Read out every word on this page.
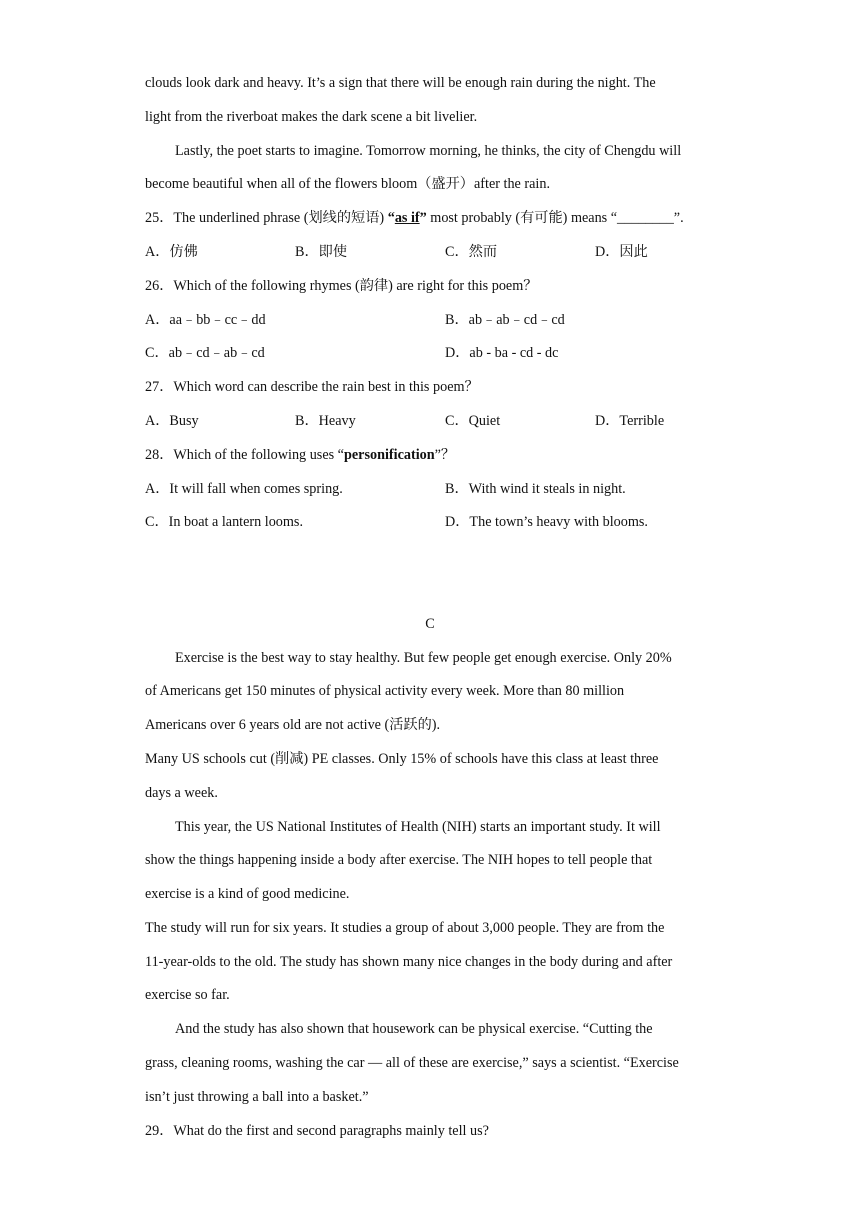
clouds look dark and heavy. It’s a sign that there will be enough rain during the night. The
light from the riverboat makes the dark scene a bit livelier.
Lastly, the poet starts to imagine. Tomorrow morning, he thinks, the city of Chengdu will
become beautiful when all of the flowers bloom（盛开）after the rain.
25．The underlined phrase (划线的短语) “as if” most probably (有可能) means “________”.
A．仿佛	B．即使	C．然而	D．因此
26．Which of the following rhymes (韵律) are right for this poem？
A．aa﹣bb﹣cc﹣dd	B．ab﹣ab﹣cd﹣cd
C．ab﹣cd﹣ab﹣cd	D．ab - ba - cd - dc
27．Which word can describe the rain best in this poem？
A．Busy	B．Heavy	C．Quiet	D．Terrible
28．Which of the following uses “personification”？
A．It will fall when comes spring.	B．With wind it steals in night.
C．In boat a lantern looms.	D．The town’s heavy with blooms.
C
Exercise is the best way to stay healthy. But few people get enough exercise. Only 20%
of Americans get 150 minutes of physical activity every week. More than 80 million
Americans over 6 years old are not active (活跃的).
Many US schools cut (削减) PE classes. Only 15% of schools have this class at least three
days a week.
This year, the US National Institutes of Health (NIH) starts an important study. It will
show the things happening inside a body after exercise. The NIH hopes to tell people that
exercise is a kind of good medicine.
The study will run for six years. It studies a group of about 3,000 people. They are from the
11-year-olds to the old. The study has shown many nice changes in the body during and after
exercise so far.
And the study has also shown that housework can be physical exercise. “Cutting the
grass, cleaning rooms, washing the car — all of these are exercise,” says a scientist. “Exercise
isn’t just throwing a ball into a basket.”
29．What do the first and second paragraphs mainly tell us?
